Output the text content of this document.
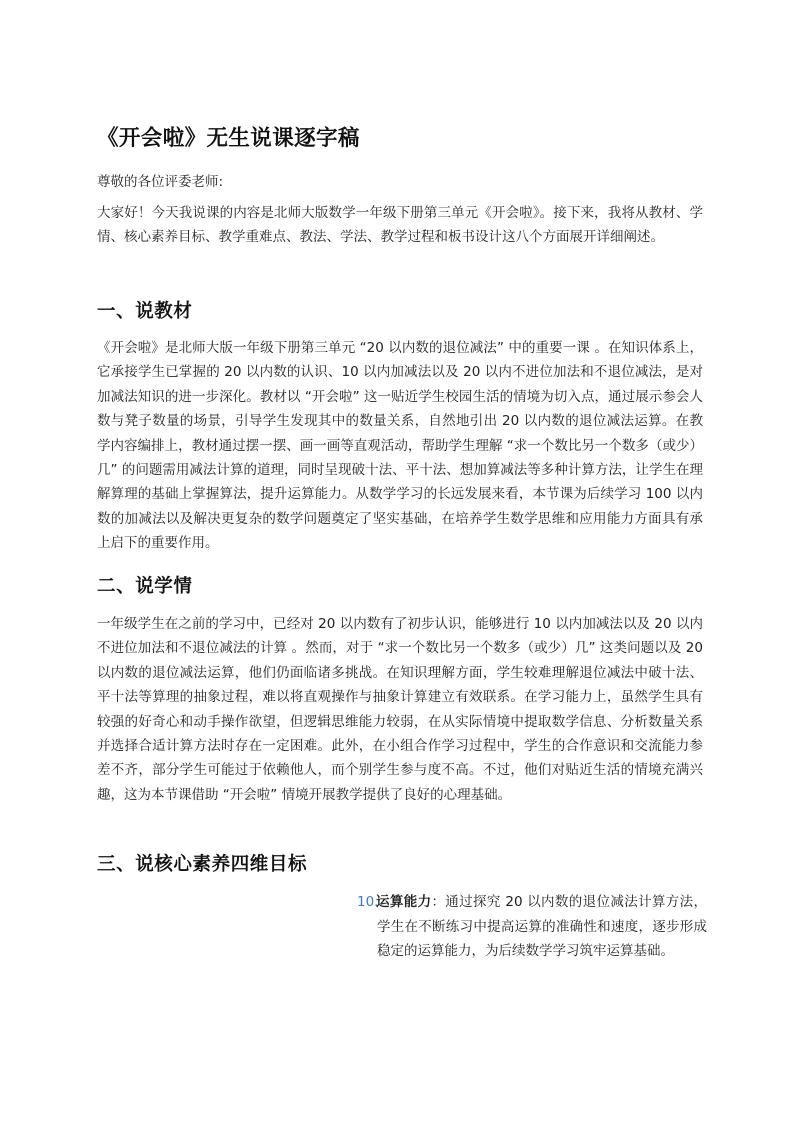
《开会啦》无生说课逐字稿

尊敬的各位评委老师:

大家好！今天我说课的内容是北师大版数学一年级下册第三单元《开会啦》。接下来，我将从教材、学情、核心素养目标、教学重难点、教法、学法、教学过程和板书设计这八个方面展开详细阐述。

一、说教材

《开会啦》是北师大版一年级下册第三单元 “20 以内数的退位减法” 中的重要一课 。在知识体系上，它承接学生已掌握的 20 以内数的认识、10 以内加减法以及 20 以内不进位加法和不退位减法，是对加减法知识的进一步深化。教材以 “开会啦” 这一贴近学生校园生活的情境为切入点，通过展示参会人数与凳子数量的场景，引导学生发现其中的数量关系，自然地引出 20 以内数的退位减法运算。在教学内容编排上，教材通过摆一摆、画一画等直观活动，帮助学生理解 “求一个数比另一个数多（或少）几” 的问题需用减法计算的道理，同时呈现破十法、平十法、想加算减法等多种计算方法，让学生在理解算理的基础上掌握算法，提升运算能力。从数学学习的长远发展来看，本节课为后续学习 100 以内数的加减法以及解决更复杂的数学问题奠定了坚实基础，在培养学生数学思维和应用能力方面具有承上启下的重要作用。

二、说学情

一年级学生在之前的学习中，已经对 20 以内数有了初步认识，能够进行 10 以内加减法以及 20 以内不进位加法和不退位减法的计算 。然而，对于 “求一个数比另一个数多（或少）几” 这类问题以及 20 以内数的退位减法运算，他们仍面临诸多挑战。在知识理解方面，学生较难理解退位减法中破十法、平十法等算理的抽象过程，难以将直观操作与抽象计算建立有效联系。在学习能力上，虽然学生具有较强的好奇心和动手操作欲望，但逻辑思维能力较弱，在从实际情境中提取数学信息、分析数量关系并选择合适计算方法时存在一定困难。此外，在小组合作学习过程中，学生的合作意识和交流能力参差不齐，部分学生可能过于依赖他人，而个别学生参与度不高。不过，他们对贴近生活的情境充满兴趣，这为本节课借助 “开会啦” 情境开展教学提供了良好的心理基础。

三、说核心素养四维目标
10.
运算能力：通过探究 20 以内数的退位减法计算方法，学生在不断练习中提高运算的准确性和速度，逐步形成稳定的运算能力，为后续数学学习筑牢运算基础。
